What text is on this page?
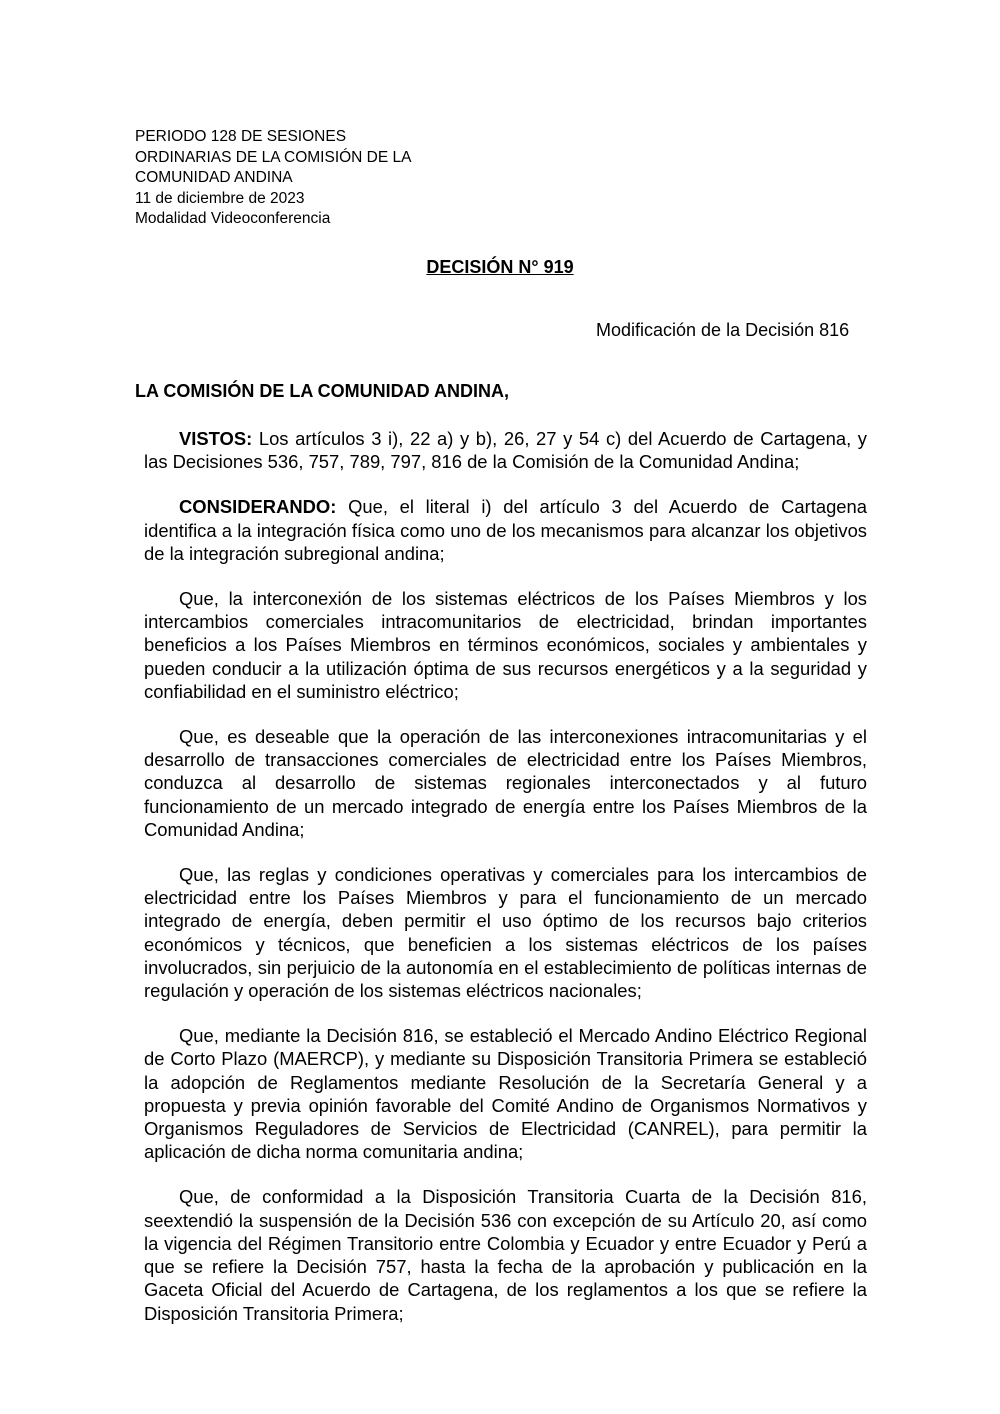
PERIODO 128 DE SESIONES
ORDINARIAS DE LA COMISIÓN DE LA
COMUNIDAD ANDINA
11 de diciembre de 2023
Modalidad Videoconferencia
DECISIÓN N° 919
Modificación de la Decisión 816
LA COMISIÓN DE LA COMUNIDAD ANDINA,

VISTOS: Los artículos 3 i), 22 a) y b), 26, 27 y 54 c) del Acuerdo de Cartagena, y las Decisiones 536, 757, 789, 797, 816 de la Comisión de la Comunidad Andina;

CONSIDERANDO: Que, el literal i) del artículo 3 del Acuerdo de Cartagena identifica a la integración física como uno de los mecanismos para alcanzar los objetivos de la integración subregional andina;

Que, la interconexión de los sistemas eléctricos de los Países Miembros y los intercambios comerciales intracomunitarios de electricidad, brindan importantes beneficios a los Países Miembros en términos económicos, sociales y ambientales y pueden conducir a la utilización óptima de sus recursos energéticos y a la seguridad y confiabilidad en el suministro eléctrico;

Que, es deseable que la operación de las interconexiones intracomunitarias y el desarrollo de transacciones comerciales de electricidad entre los Países Miembros, conduzca al desarrollo de sistemas regionales interconectados y al futuro funcionamiento de un mercado integrado de energía entre los Países Miembros de la Comunidad Andina;

Que, las reglas y condiciones operativas y comerciales para los intercambios de electricidad entre los Países Miembros y para el funcionamiento de un mercado integrado de energía, deben permitir el uso óptimo de los recursos bajo criterios económicos y técnicos, que beneficien a los sistemas eléctricos de los países involucrados, sin perjuicio de la autonomía en el establecimiento de políticas internas de regulación y operación de los sistemas eléctricos nacionales;

Que, mediante la Decisión 816, se estableció el Mercado Andino Eléctrico Regional de Corto Plazo (MAERCP), y mediante su Disposición Transitoria Primera se estableció la adopción de Reglamentos mediante Resolución de la Secretaría General y a propuesta y previa opinión favorable del Comité Andino de Organismos Normativos y Organismos Reguladores de Servicios de Electricidad (CANREL), para permitir la aplicación de dicha norma comunitaria andina;

Que, de conformidad a la Disposición Transitoria Cuarta de la Decisión 816, seextendió la suspensión de la Decisión 536 con excepción de su Artículo 20, así como la vigencia del Régimen Transitorio entre Colombia y Ecuador y entre Ecuador y Perú a que se refiere la Decisión 757, hasta la fecha de la aprobación y publicación en la Gaceta Oficial del Acuerdo de Cartagena, de los reglamentos a los que se refiere la Disposición Transitoria Primera;
